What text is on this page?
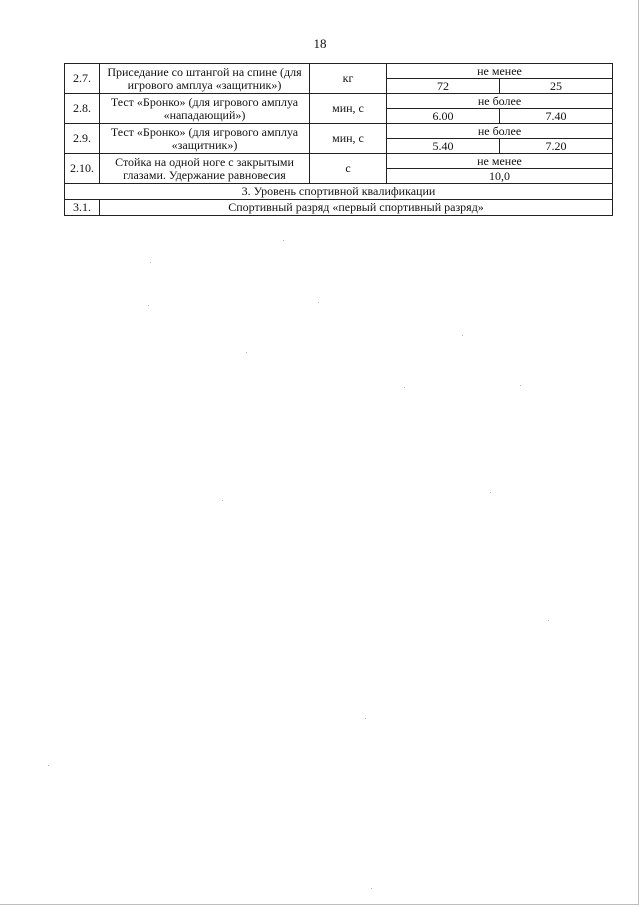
18
2.7.	Приседание со штангой на спине (для игрового амплуа «защитник»)	кг	не менее	
			72	25
2.8.	Тест «Бронко» (для игрового амплуа «нападающий»)	мин, с	не более	
			6.00	7.40
2.9.	Тест «Бронко» (для игрового амплуа «защитник»)	мин, с	не более	
			5.40	7.20
2.10.	Стойка на одной ноге с закрытыми глазами. Удержание равновесия	с	не менее	
			10,0	
3. Уровень спортивной квалификации				
3.1.	Спортивный разряд «первый спортивный разряд»			
